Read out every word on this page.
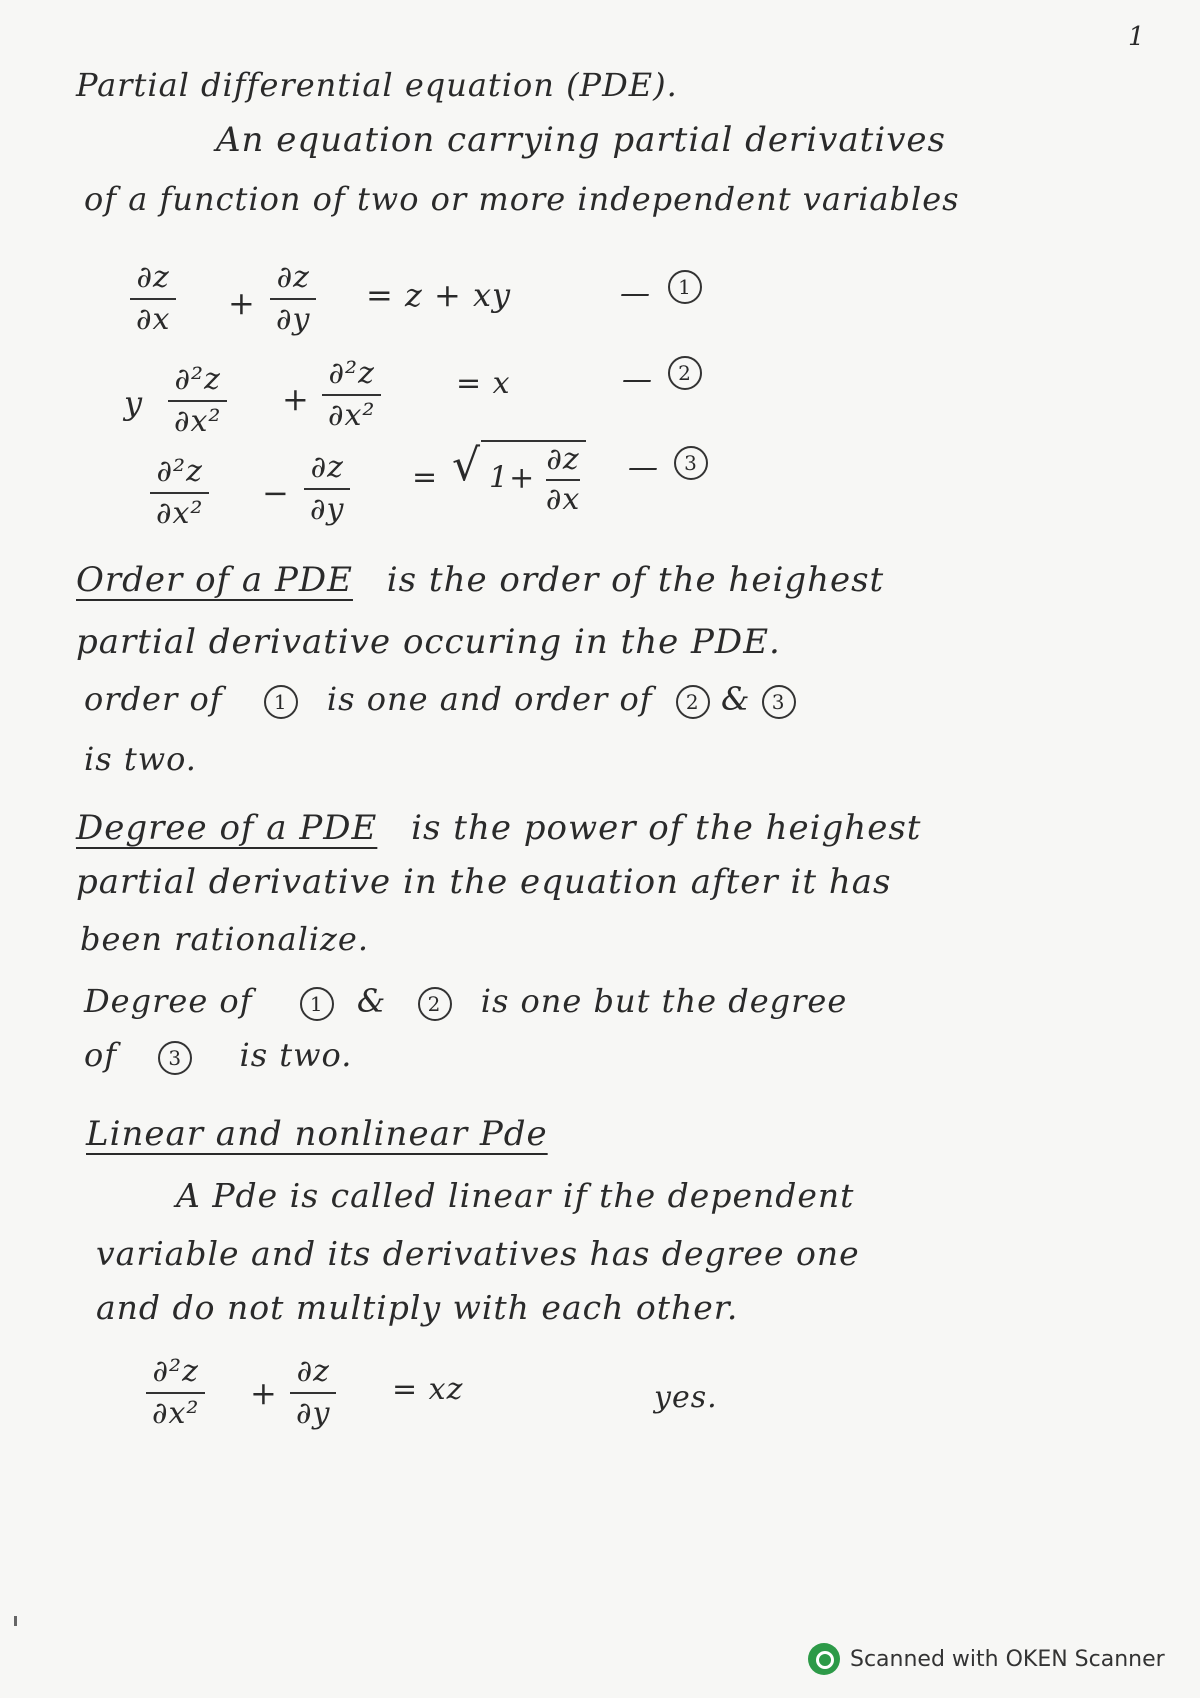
1
Partial differential equation (PDE).
An equation carrying partial derivatives
of a function of two or more independent variables
∂z
∂x +
∂z
∂y
= z + xy	—	1
y
∂²z
∂x²
+
∂²z
∂x²
= x	—	2
∂²z
∂x²
−
∂z
∂y
= √ $1+ \frac{\partial z}{\partial x}$ —	3
Order of a PDE is the order of the heighest
partial derivative occuring in the PDE.
order of	1 is one and order of 2 & 3
is two.
Degree of a PDE is the power of the heighest
partial derivative in the equation after it has
been rationalize.
Degree of	1 & 2 is one but the degree
of	3 is two.
Linear and nonlinear Pde
A Pde is called linear if the dependent
variable and its derivatives has degree one
and do not multiply with each other.
∂²z
∂x²
+
∂z
∂y
= xz	yes.
Scanned with OKEN Scanner
